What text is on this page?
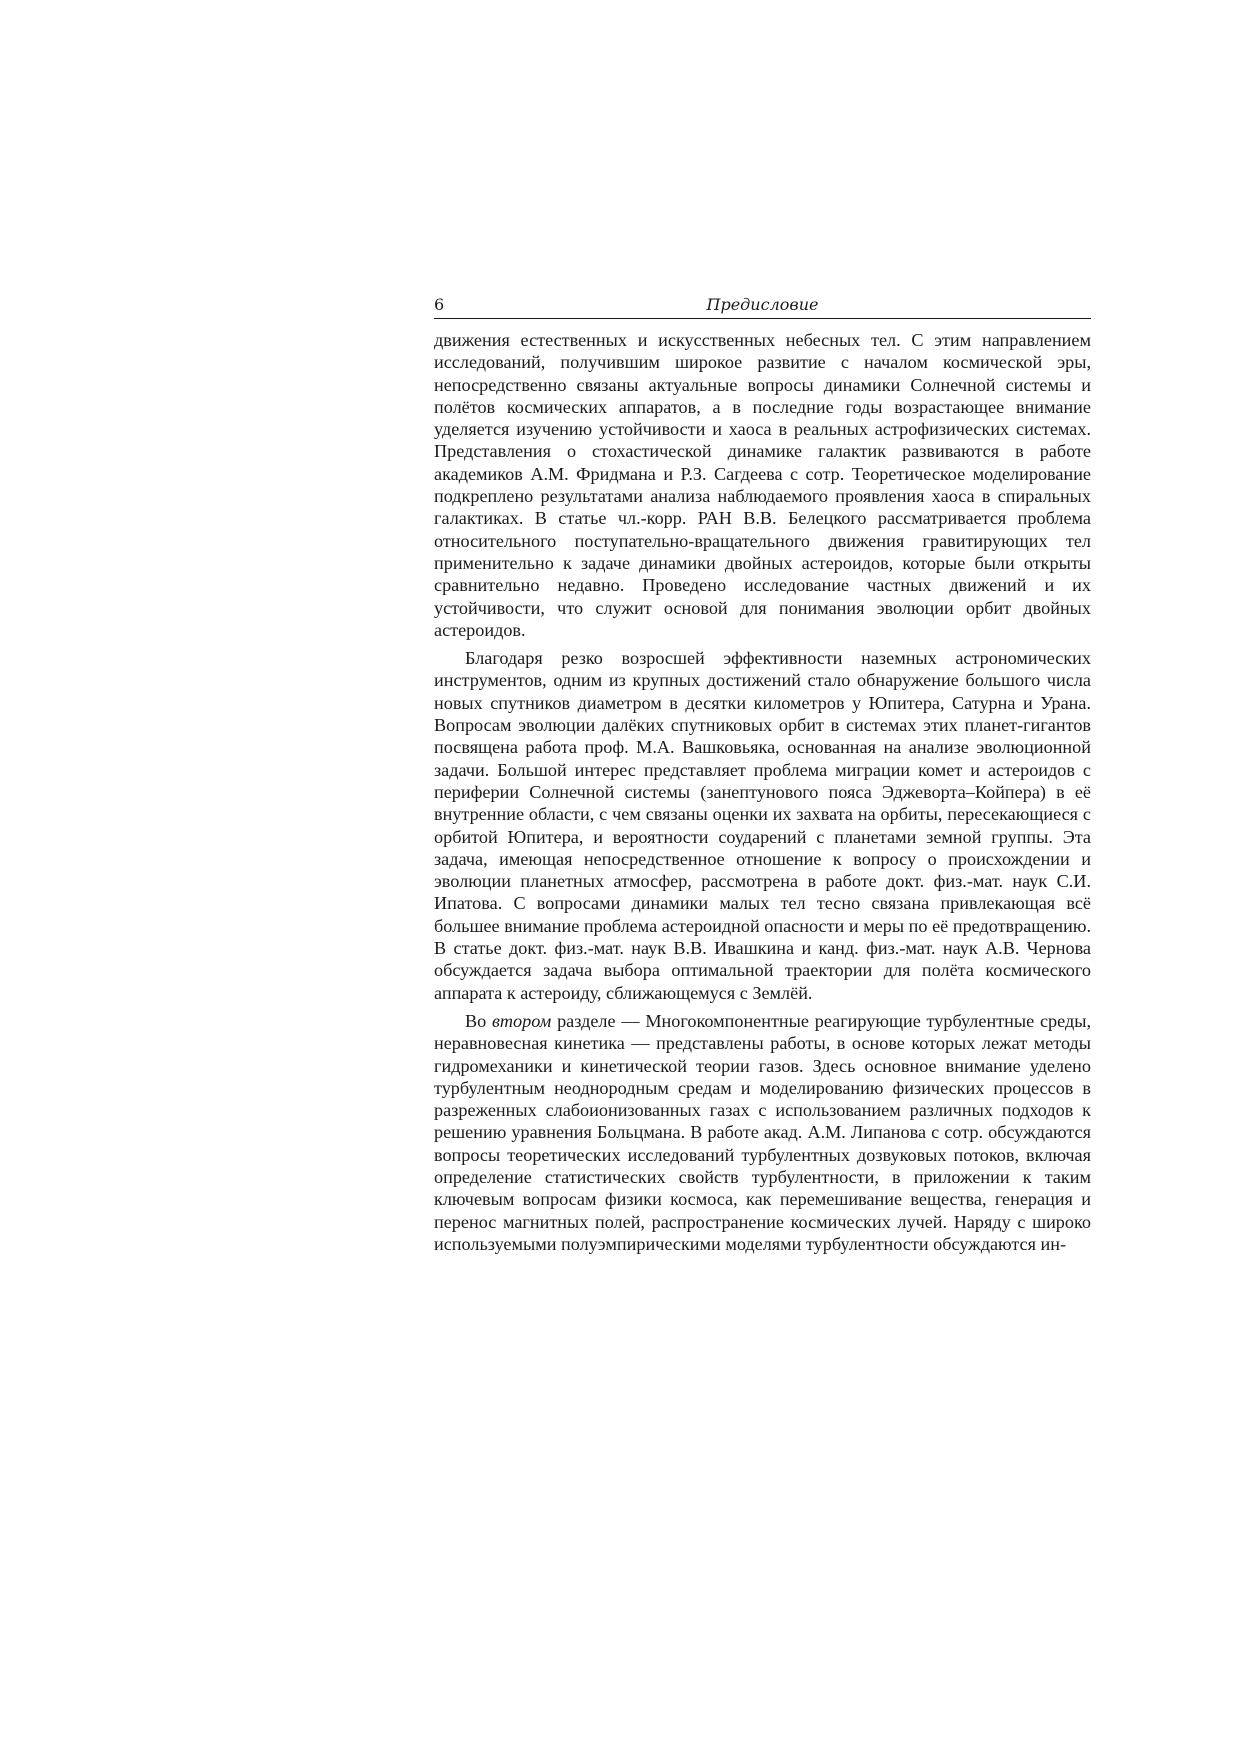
6	Предисловие

движения естественных и искусственных небесных тел. С этим направлением исследований, получившим широкое развитие с началом космической эры, непосредственно связаны актуальные вопросы динамики Солнечной системы и полётов космических аппаратов, а в последние годы возрастающее внимание уделяется изучению устойчивости и хаоса в реальных астрофизических системах. Представления о стохастической динамике галактик развиваются в работе академиков А.М. Фридмана и Р.З. Сагдеева с сотр. Теоретическое моделирование подкреплено результатами анализа наблюдаемого проявления хаоса в спиральных галактиках. В статье чл.-корр. РАН В.В. Белецкого рассматривается проблема относительного поступательно-вращательного движения гравитирующих тел применительно к задаче динамики двойных астероидов, которые были открыты сравнительно недавно. Проведено исследование частных движений и их устойчивости, что служит основой для понимания эволюции орбит двойных астероидов.

Благодаря резко возросшей эффективности наземных астрономических инструментов, одним из крупных достижений стало обнаружение большого числа новых спутников диаметром в десятки километров у Юпитера, Сатурна и Урана. Вопросам эволюции далёких спутниковых орбит в системах этих планет-гигантов посвящена работа проф. М.А. Вашковьяка, основанная на анализе эволюционной задачи. Большой интерес представляет проблема миграции комет и астероидов с периферии Солнечной системы (занептунового пояса Эджеворта–Койпера) в её внутренние области, с чем связаны оценки их захвата на орбиты, пересекающиеся с орбитой Юпитера, и вероятности соударений с планетами земной группы. Эта задача, имеющая непосредственное отношение к вопросу о происхождении и эволюции планетных атмосфер, рассмотрена в работе докт. физ.-мат. наук С.И. Ипатова. С вопросами динамики малых тел тесно связана привлекающая всё большее внимание проблема астероидной опасности и меры по её предотвращению. В статье докт. физ.-мат. наук В.В. Ивашкина и канд. физ.-мат. наук А.В. Чернова обсуждается задача выбора оптимальной траектории для полёта космического аппарата к астероиду, сближающемуся с Землёй.

Во втором разделе — Многокомпонентные реагирующие турбулентные среды, неравновесная кинетика — представлены работы, в основе которых лежат методы гидромеханики и кинетической теории газов. Здесь основное внимание уделено турбулентным неоднородным средам и моделированию физических процессов в разреженных слабоионизованных газах с использованием различных подходов к решению уравнения Больцмана. В работе акад. А.М. Липанова с сотр. обсуждаются вопросы теоретических исследований турбулентных дозвуковых потоков, включая определение статистических свойств турбулентности, в приложении к таким ключевым вопросам физики космоса, как перемешивание вещества, генерация и перенос магнитных полей, распространение космических лучей. Наряду с широко используемыми полуэмпирическими моделями турбулентности обсуждаются ин-
